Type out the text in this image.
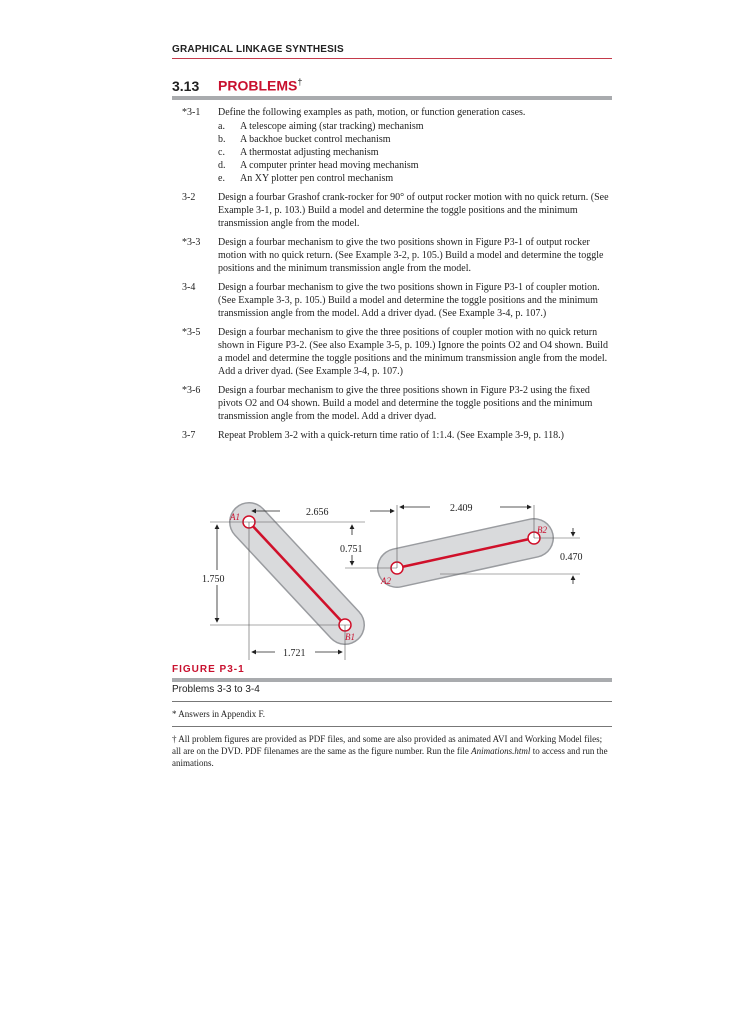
GRAPHICAL LINKAGE SYNTHESIS
3.13 PROBLEMS†
*3-1	Define the following examples as path, motion, or function generation cases.
a.	A telescope aiming (star tracking) mechanism
b.	A backhoe bucket control mechanism
c.	A thermostat adjusting mechanism
d.	A computer printer head moving mechanism
e.	An XY plotter pen control mechanism
3-2	Design a fourbar Grashof crank-rocker for 90° of output rocker motion with no quick return. (See Example 3-1, p. 103.) Build a model and determine the toggle positions and the minimum transmission angle from the model.
*3-3	Design a fourbar mechanism to give the two positions shown in Figure P3-1 of output rocker motion with no quick return. (See Example 3-2, p. 105.) Build a model and determine the toggle positions and the minimum transmission angle from the model.
3-4	Design a fourbar mechanism to give the two positions shown in Figure P3-1 of coupler motion. (See Example 3-3, p. 105.) Build a model and determine the toggle positions and the minimum transmission angle from the model. Add a driver dyad. (See Example 3-4, p. 107.)
*3-5	Design a fourbar mechanism to give the three positions of coupler motion with no quick return shown in Figure P3-2. (See also Example 3-5, p. 109.) Ignore the points O2 and O4 shown. Build a model and determine the toggle positions and the minimum transmission angle from the model. Add a driver dyad. (See Example 3-4, p. 107.)
*3-6	Design a fourbar mechanism to give the three positions shown in Figure P3-2 using the fixed pivots O2 and O4 shown. Build a model and determine the toggle positions and the minimum transmission angle from the model. Add a driver dyad.
3-7	Repeat Problem 3-2 with a quick-return time ratio of 1:1.4. (See Example 3-9, p. 118.)
2.656	2.409
0.751
0.470
1.750
1.721
A1
B1
A2
B2
FIGURE P3-1
Problems 3-3 to 3-4
* Answers in Appendix F.
† All problem figures are provided as PDF files, and some are also provided as animated AVI and Working Model files; all are on the DVD. PDF filenames are the same as the figure number. Run the file Animations.html to access and run the animations.
